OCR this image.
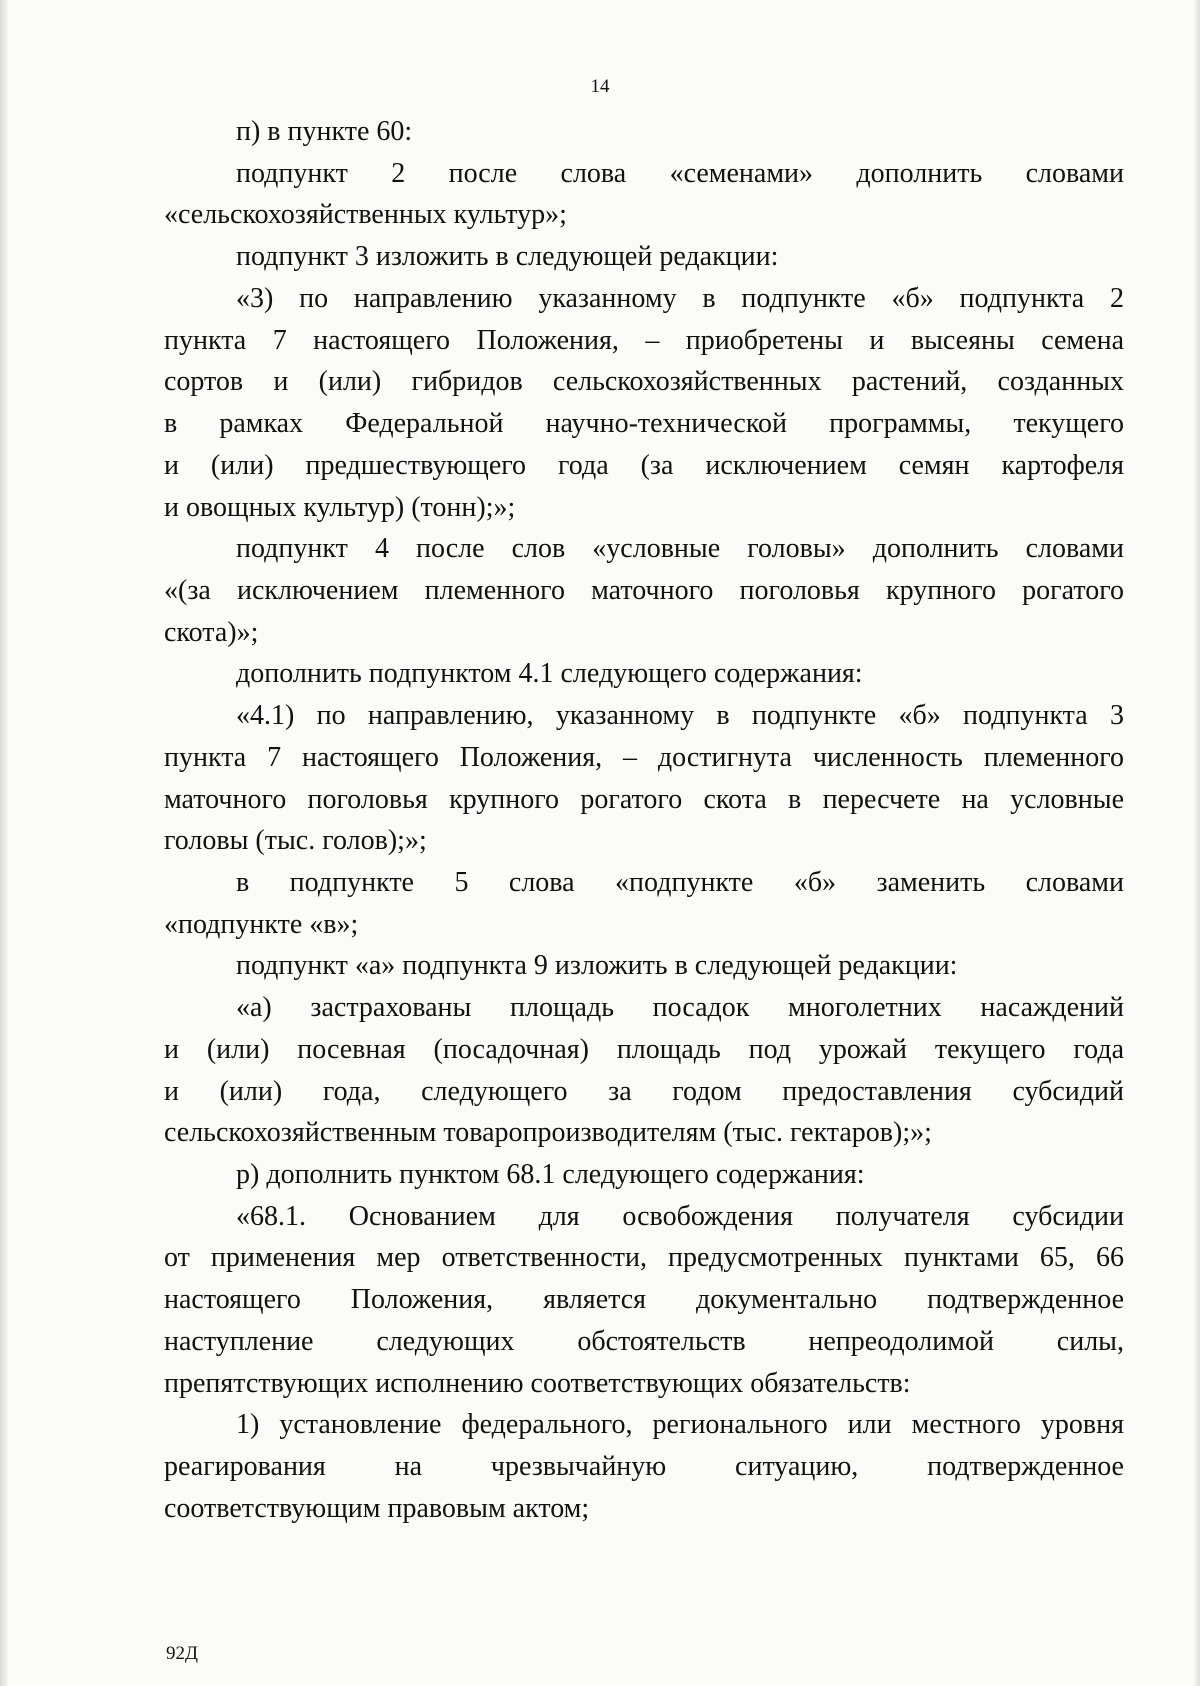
14
п) в пункте 60:
подпункт 2 после слова «семенами» дополнить словами
«сельскохозяйственных культур»;
подпункт 3 изложить в следующей редакции:
«3) по направлению указанному в подпункте «б» подпункта 2
пункта 7 настоящего Положения, – приобретены и высеяны семена
сортов и (или) гибридов сельскохозяйственных растений, созданных
в рамках Федеральной научно-технической программы, текущего
и (или) предшествующего года (за исключением семян картофеля
и овощных культур) (тонн);»;
подпункт 4 после слов «условные головы» дополнить словами
«(за исключением племенного маточного поголовья крупного рогатого
скота)»;
дополнить подпунктом 4.1 следующего содержания:
«4.1) по направлению, указанному в подпункте «б» подпункта 3
пункта 7 настоящего Положения, – достигнута численность племенного
маточного поголовья крупного рогатого скота в пересчете на условные
головы (тыс. голов);»;
в подпункте 5 слова «подпункте «б» заменить словами
«подпункте «в»;
подпункт «а» подпункта 9 изложить в следующей редакции:
«а) застрахованы площадь посадок многолетних насаждений
и (или) посевная (посадочная) площадь под урожай текущего года
и (или) года, следующего за годом предоставления субсидий
сельскохозяйственным товаропроизводителям (тыс. гектаров);»;
р) дополнить пунктом 68.1 следующего содержания:
«68.1. Основанием для освобождения получателя субсидии
от применения мер ответственности, предусмотренных пунктами 65, 66
настоящего Положения, является документально подтвержденное
наступление следующих обстоятельств непреодолимой силы,
препятствующих исполнению соответствующих обязательств:
1) установление федерального, регионального или местного уровня
реагирования на чрезвычайную ситуацию, подтвержденное
соответствующим правовым актом;
92Д
